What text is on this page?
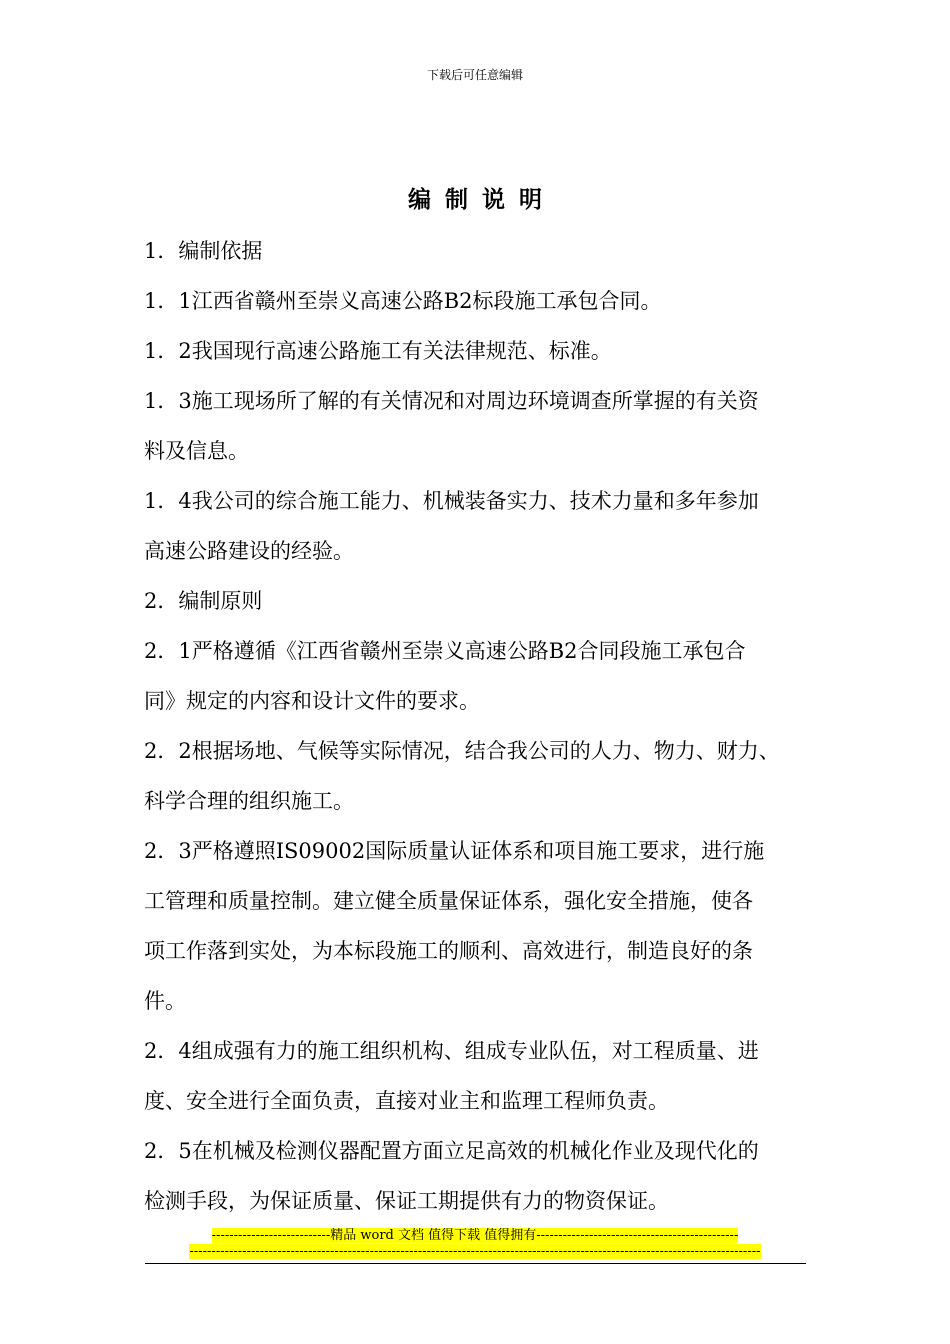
下载后可任意编辑
编制说明

1．编制依据

1．1江西省赣州至崇义高速公路B2标段施工承包合同。

1．2我国现行高速公路施工有关法律规范、标准。

1．3施工现场所了解的有关情况和对周边环境调查所掌握的有关资

料及信息。

1．4我公司的综合施工能力、机械装备实力、技术力量和多年参加

高速公路建设的经验。

2．编制原则

2．1严格遵循《江西省赣州至崇义高速公路B2合同段施工承包合

同》规定的内容和设计文件的要求。

2．2根据场地、气候等实际情况，结合我公司的人力、物力、财力、

科学合理的组织施工。

2．3严格遵照IS09002国际质量认证体系和项目施工要求，进行施

工管理和质量控制。建立健全质量保证体系，强化安全措施，使各

项工作落到实处，为本标段施工的顺利、高效进行，制造良好的条

件。

2．4组成强有力的施工组织机构、组成专业队伍，对工程质量、进

度、安全进行全面负责，直接对业主和监理工程师负责。

2．5在机械及检测仪器配置方面立足高效的机械化作业及现代化的

检测手段，为保证质量、保证工期提供有力的物资保证。

---------------------------精品 word 文档 值得下载 值得拥有----------------------------------------------
----------------------------------------------------------------------------------------------------------------------------------
